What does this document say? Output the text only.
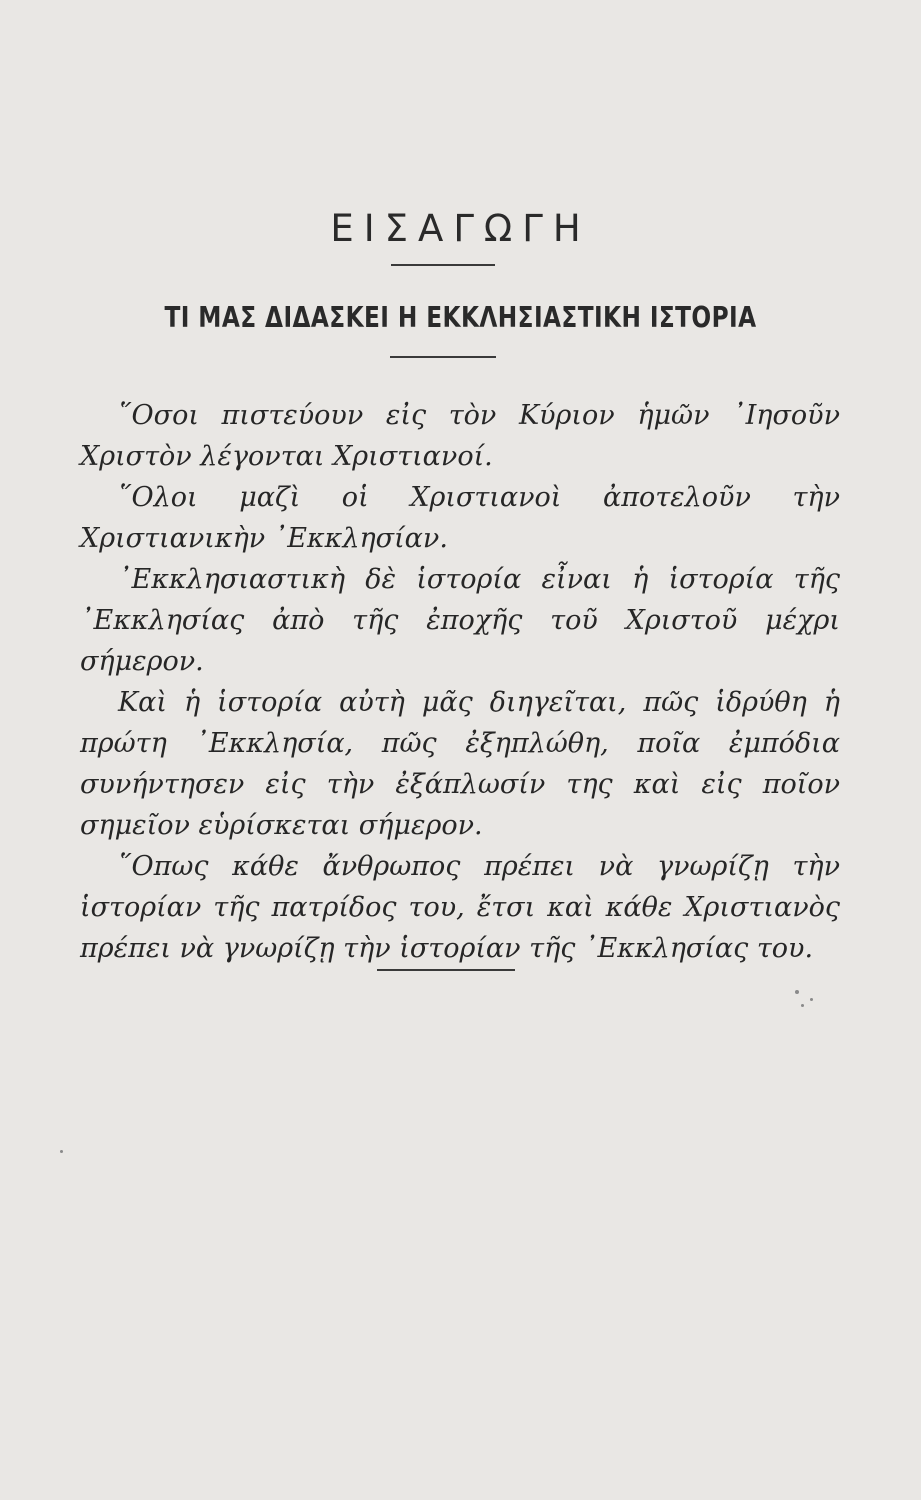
ΕΙΣΑΓΩΓΗ
ΤΙ ΜΑΣ ΔΙΔΑΣΚΕΙ Η ΕΚΚΛΗΣΙΑΣΤΙΚΗ ΙΣΤΟΡΙΑ

῞Οσοι πιστεύουν εἰς τὸν Κύριον ἡμῶν ᾿Ιησοῦν Χριστὸν λέγονται Χριστιανοί.

῞Ολοι μαζὶ οἱ Χριστιανοὶ ἀποτελοῦν τὴν Χριστιανικὴν ᾿Εκκλησίαν.

᾿Εκκλησιαστικὴ δὲ ἱστορία εἶναι ἡ ἱστορία τῆς ᾿Εκκλησίας ἀπὸ τῆς ἐποχῆς τοῦ Χριστοῦ μέχρι σήμερον.

Καὶ ἡ ἱστορία αὐτὴ μᾶς διηγεῖται, πῶς ἱδρύθη ἡ πρώτη ᾿Εκκλησία, πῶς ἐξηπλώθη, ποῖα ἐμπόδια συνήντησεν εἰς τὴν ἐξάπλωσίν της καὶ εἰς ποῖον σημεῖον εὑρίσκεται σήμερον.

῞Οπως κάθε ἄνθρωπος πρέπει νὰ γνωρίζῃ τὴν ἱστορίαν τῆς πατρίδος του, ἔτσι καὶ κάθε Χριστιανὸς πρέπει νὰ γνωρίζῃ τὴν ἱστορίαν τῆς ᾿Εκκλησίας του.
